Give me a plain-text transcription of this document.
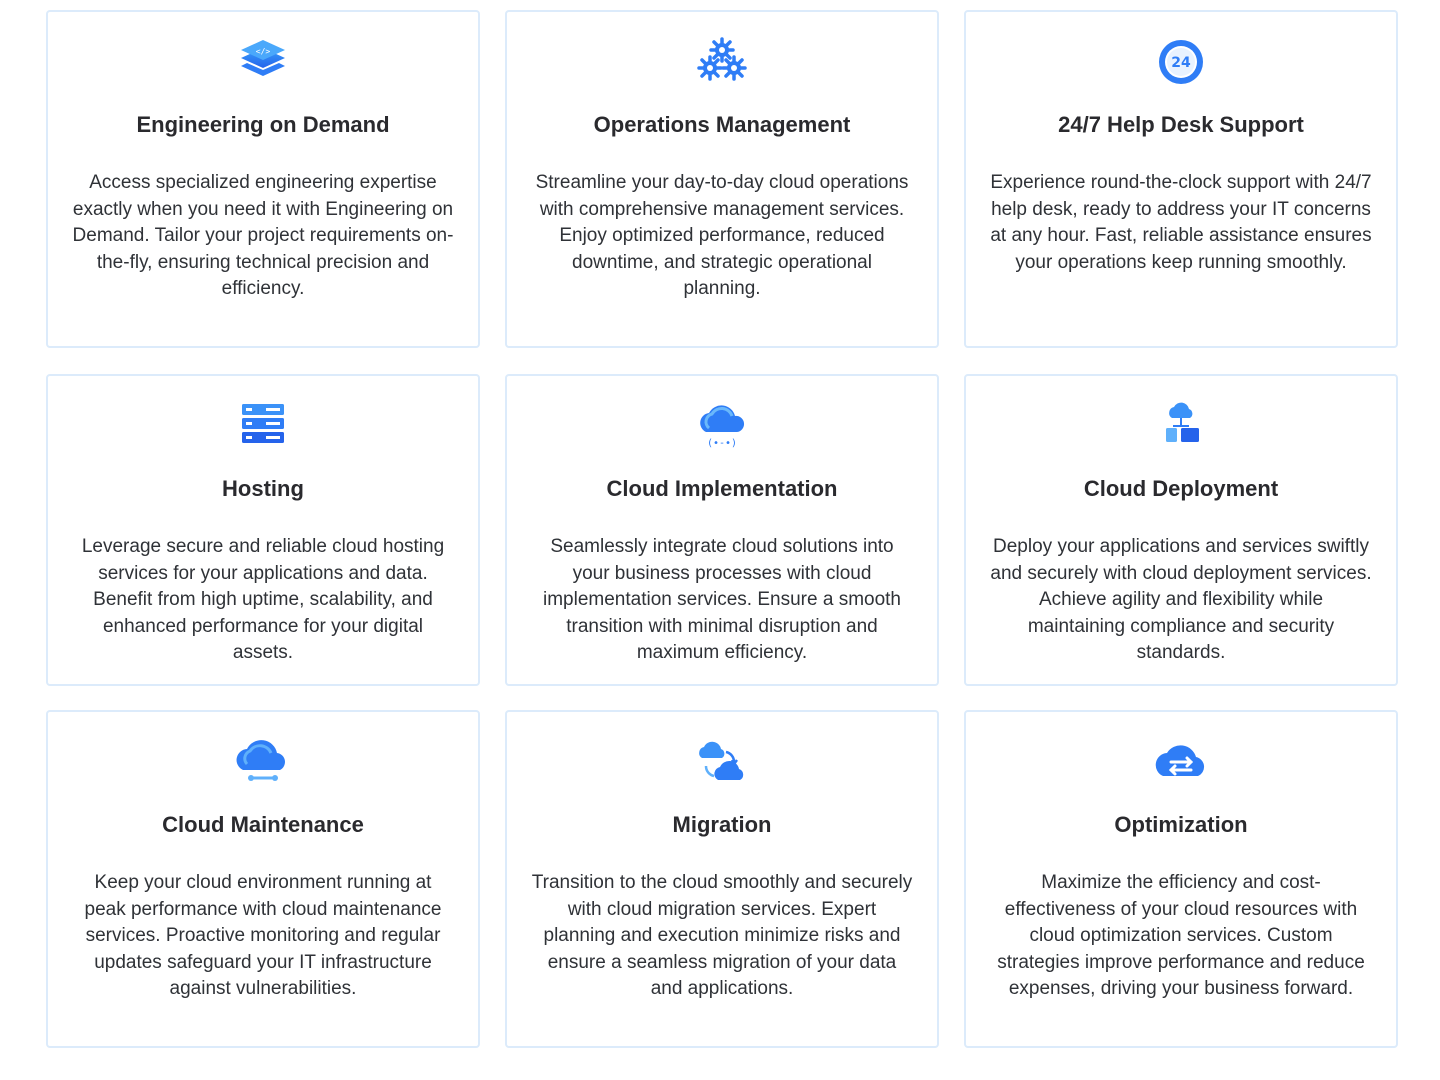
</>
Engineering on Demand
Access specialized engineering expertise exactly when you need it with Engineering on Demand. Tailor your project requirements on-the-fly, ensuring technical precision and efficiency.
Operations Management
Streamline your day-to-day cloud operations with comprehensive management services. Enjoy optimized performance, reduced downtime, and strategic operational planning.
24
24/7 Help Desk Support
Experience round-the-clock support with 24/7 help desk, ready to address your IT concerns at any hour. Fast, reliable assistance ensures your operations keep running smoothly.
Hosting
Leverage secure and reliable cloud hosting services for your applications and data. Benefit from high uptime, scalability, and enhanced performance for your digital assets.
(•-•)
Cloud Implementation
Seamlessly integrate cloud solutions into your business processes with cloud implementation services. Ensure a smooth transition with minimal disruption and maximum efficiency.
Cloud Deployment
Deploy your applications and services swiftly and securely with cloud deployment services. Achieve agility and flexibility while maintaining compliance and security standards.
Cloud Maintenance
Keep your cloud environment running at peak performance with cloud maintenance services. Proactive monitoring and regular updates safeguard your IT infrastructure against vulnerabilities.
Migration
Transition to the cloud smoothly and securely with cloud migration services. Expert planning and execution minimize risks and ensure a seamless migration of your data and applications.
Optimization
Maximize the efficiency and cost-effectiveness of your cloud resources with cloud optimization services. Custom strategies improve performance and reduce expenses, driving your business forward.
